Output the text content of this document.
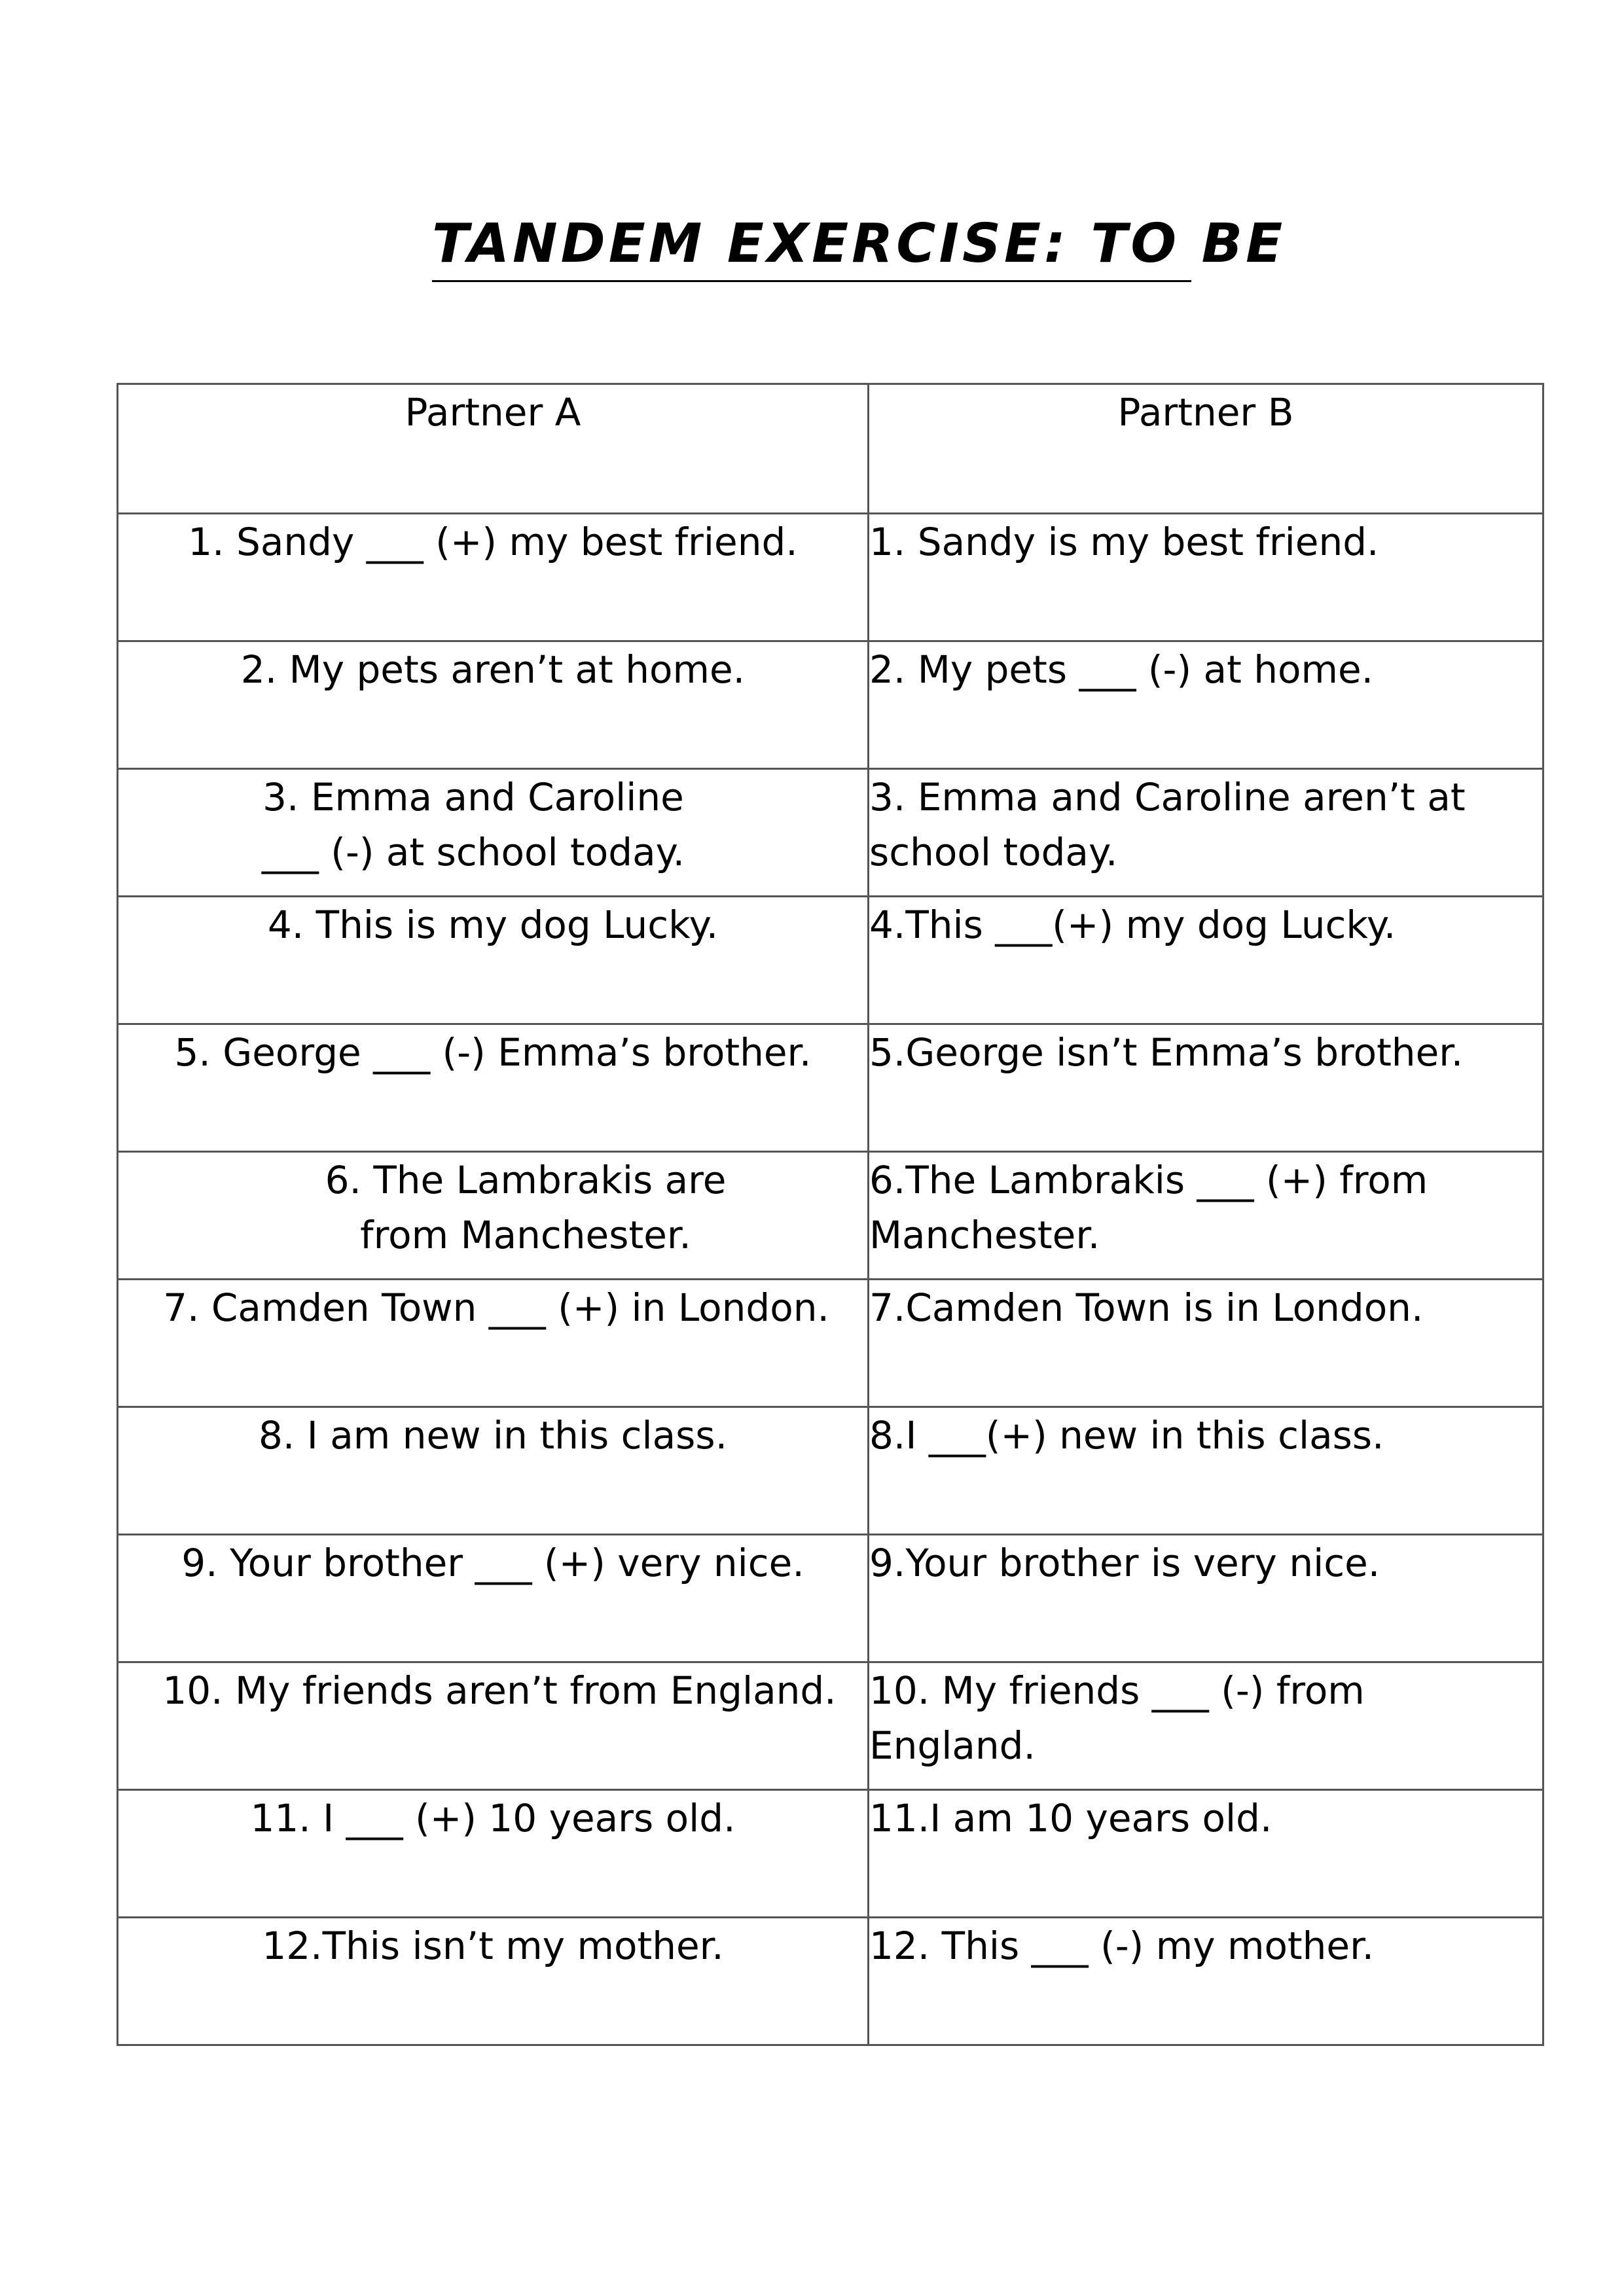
TANDEM EXERCISE: TO BE
Partner A	Partner B
1. Sandy ___ (+) my best friend.	1. Sandy is my best friend.
2. My pets aren’t at home.	2. My pets ___ (-) at home.
3. Emma and Caroline ___ (-) at school today.	3. Emma and Caroline aren’t at school today.
4. This is my dog Lucky.	4.This ___(+) my dog Lucky.
5. George ___ (-) Emma’s brother.	5.George isn’t Emma’s brother.
6. The Lambrakis are from Manchester.	6.The Lambrakis ___ (+) from Manchester.
7. Camden Town ___ (+) in London.	7.Camden Town is in London.
8. I am new in this class.	8.I ___(+) new in this class.
9. Your brother ___ (+) very nice.	9.Your brother is very nice.
10. My friends aren’t from England.	10. My friends ___ (-) from England.
11. I ___ (+) 10 years old.	11.I am 10 years old.
12.This isn’t my mother.	12. This ___ (-) my mother.
